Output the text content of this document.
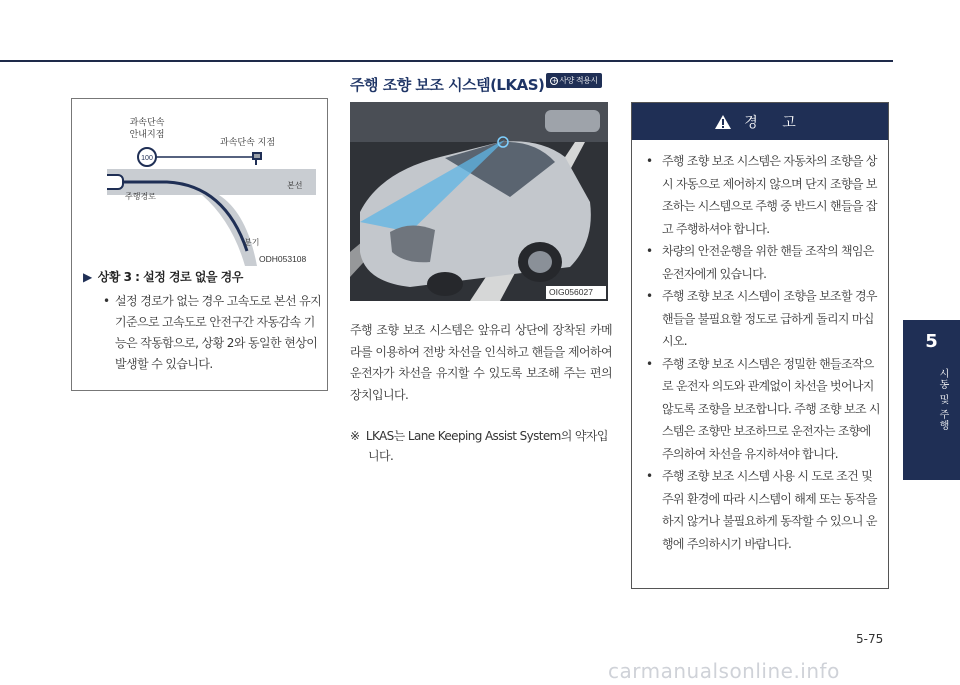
주행 조향 보조 시스템(LKAS)	+ 사양 적용시
100
과속단속
안내지점
과속단속 지점
본선
주행경로
분기
ODH053108
▶ 상황 3 : 설정 경로 없을 경우
• 설정 경로가 없는 경우 고속도로 본선 유지 기준으로 고속도로 안전구간 자동감속 기능은 작동함으로, 상황 2와 동일한 현상이 발생할 수 있습니다.
OIG056027
주행 조향 보조 시스템은 앞유리 상단에 장착된 카메라를 이용하여 전방 차선을 인식하고 핸들을 제어하여 운전자가 차선을 유지할 수 있도록 보조해 주는 편의장치입니다.
※ LKAS는 Lane Keeping Assist System의 약자입니다.
경 고
• 주행 조향 보조 시스템은 자동차의 조향을 상시 자동으로 제어하지 않으며 단지 조향을 보조하는 시스템으로 주행 중 반드시 핸들을 잡고 주행하셔야 합니다.
• 차량의 안전운행을 위한 핸들 조작의 책임은 운전자에게 있습니다.
• 주행 조향 보조 시스템이 조향을 보조할 경우 핸들을 불필요할 정도로 급하게 돌리지 마십시오.
• 주행 조향 보조 시스템은 정밀한 핸들조작으로 운전자 의도와 관계없이 차선을 벗어나지 않도록 조향을 보조합니다. 주행 조향 보조 시스템은 조향만 보조하므로 운전자는 조향에 주의하여 차선을 유지하셔야 합니다.
• 주행 조향 보조 시스템 사용 시 도로 조건 및 주위 환경에 따라 시스템이 해제 또는 동작을 하지 않거나 불필요하게 동작할 수 있으니 운행에 주의하시기 바랍니다.
5
시동 및 주행
5-75
carmanualsonline.info
